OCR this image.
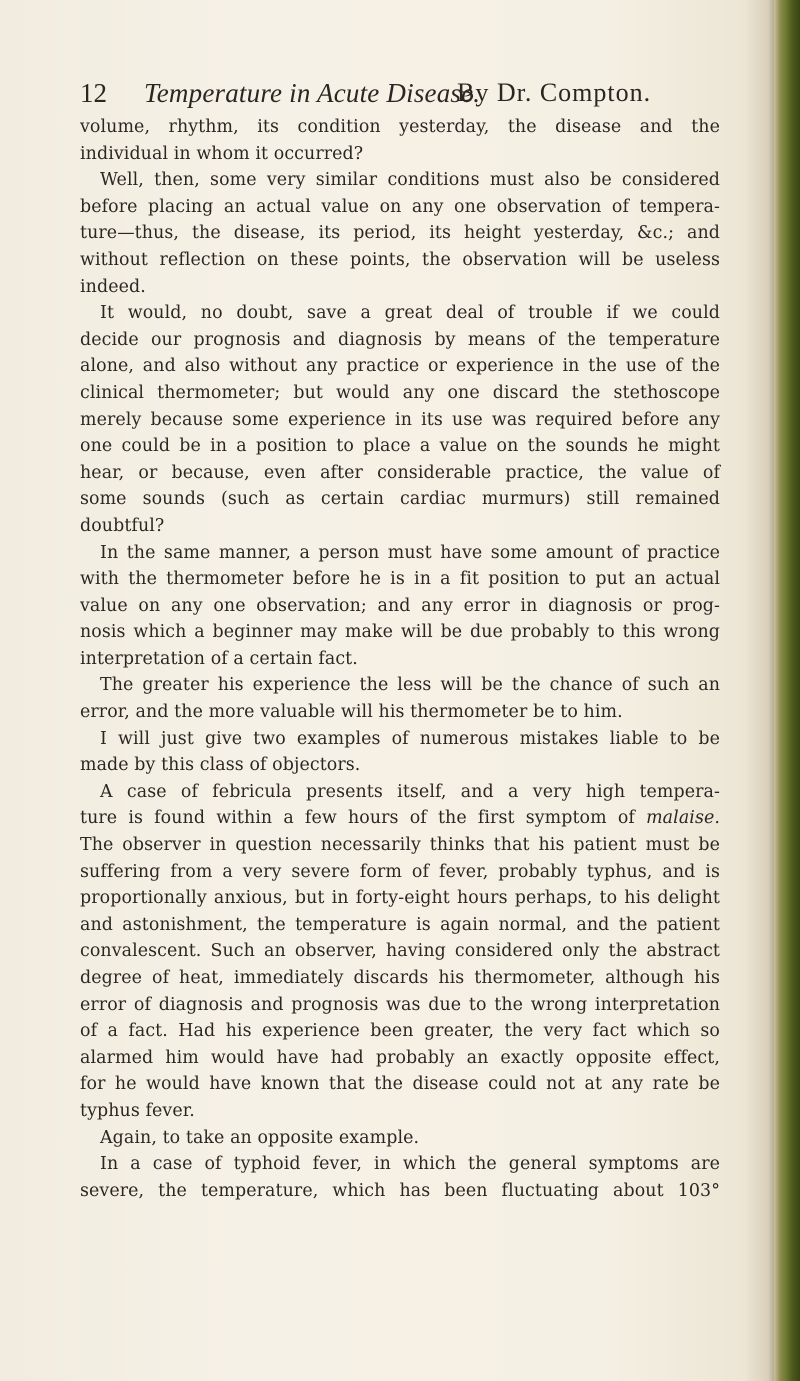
12 Temperature in Acute Disease.
By Dr. Compton.
volume, rhythm, its condition yesterday, the disease and the
individual in whom it occurred?
Well, then, some very similar conditions must also be considered
before placing an actual value on any one observation of tempera-
ture—thus, the disease, its period, its height yesterday, &c.; and
without reflection on these points, the observation will be useless
indeed.
It would, no doubt, save a great deal of trouble if we could
decide our prognosis and diagnosis by means of the temperature
alone, and also without any practice or experience in the use of the
clinical thermometer; but would any one discard the stethoscope
merely because some experience in its use was required before any
one could be in a position to place a value on the sounds he might
hear, or because, even after considerable practice, the value of
some sounds (such as certain cardiac murmurs) still remained
doubtful?
In the same manner, a person must have some amount of practice
with the thermometer before he is in a fit position to put an actual
value on any one observation; and any error in diagnosis or prog-
nosis which a beginner may make will be due probably to this wrong
interpretation of a certain fact.
The greater his experience the less will be the chance of such an
error, and the more valuable will his thermometer be to him.
I will just give two examples of numerous mistakes liable to be
made by this class of objectors.
A case of febricula presents itself, and a very high tempera-
ture is found within a few hours of the first symptom of malaise.
The observer in question necessarily thinks that his patient must be
suffering from a very severe form of fever, probably typhus, and is
proportionally anxious, but in forty-eight hours perhaps, to his delight
and astonishment, the temperature is again normal, and the patient
convalescent. Such an observer, having considered only the abstract
degree of heat, immediately discards his thermometer, although his
error of diagnosis and prognosis was due to the wrong interpretation
of a fact. Had his experience been greater, the very fact which so
alarmed him would have had probably an exactly opposite effect,
for he would have known that the disease could not at any rate be
typhus fever.
Again, to take an opposite example.
In a case of typhoid fever, in which the general symptoms are
severe, the temperature, which has been fluctuating about 103°
